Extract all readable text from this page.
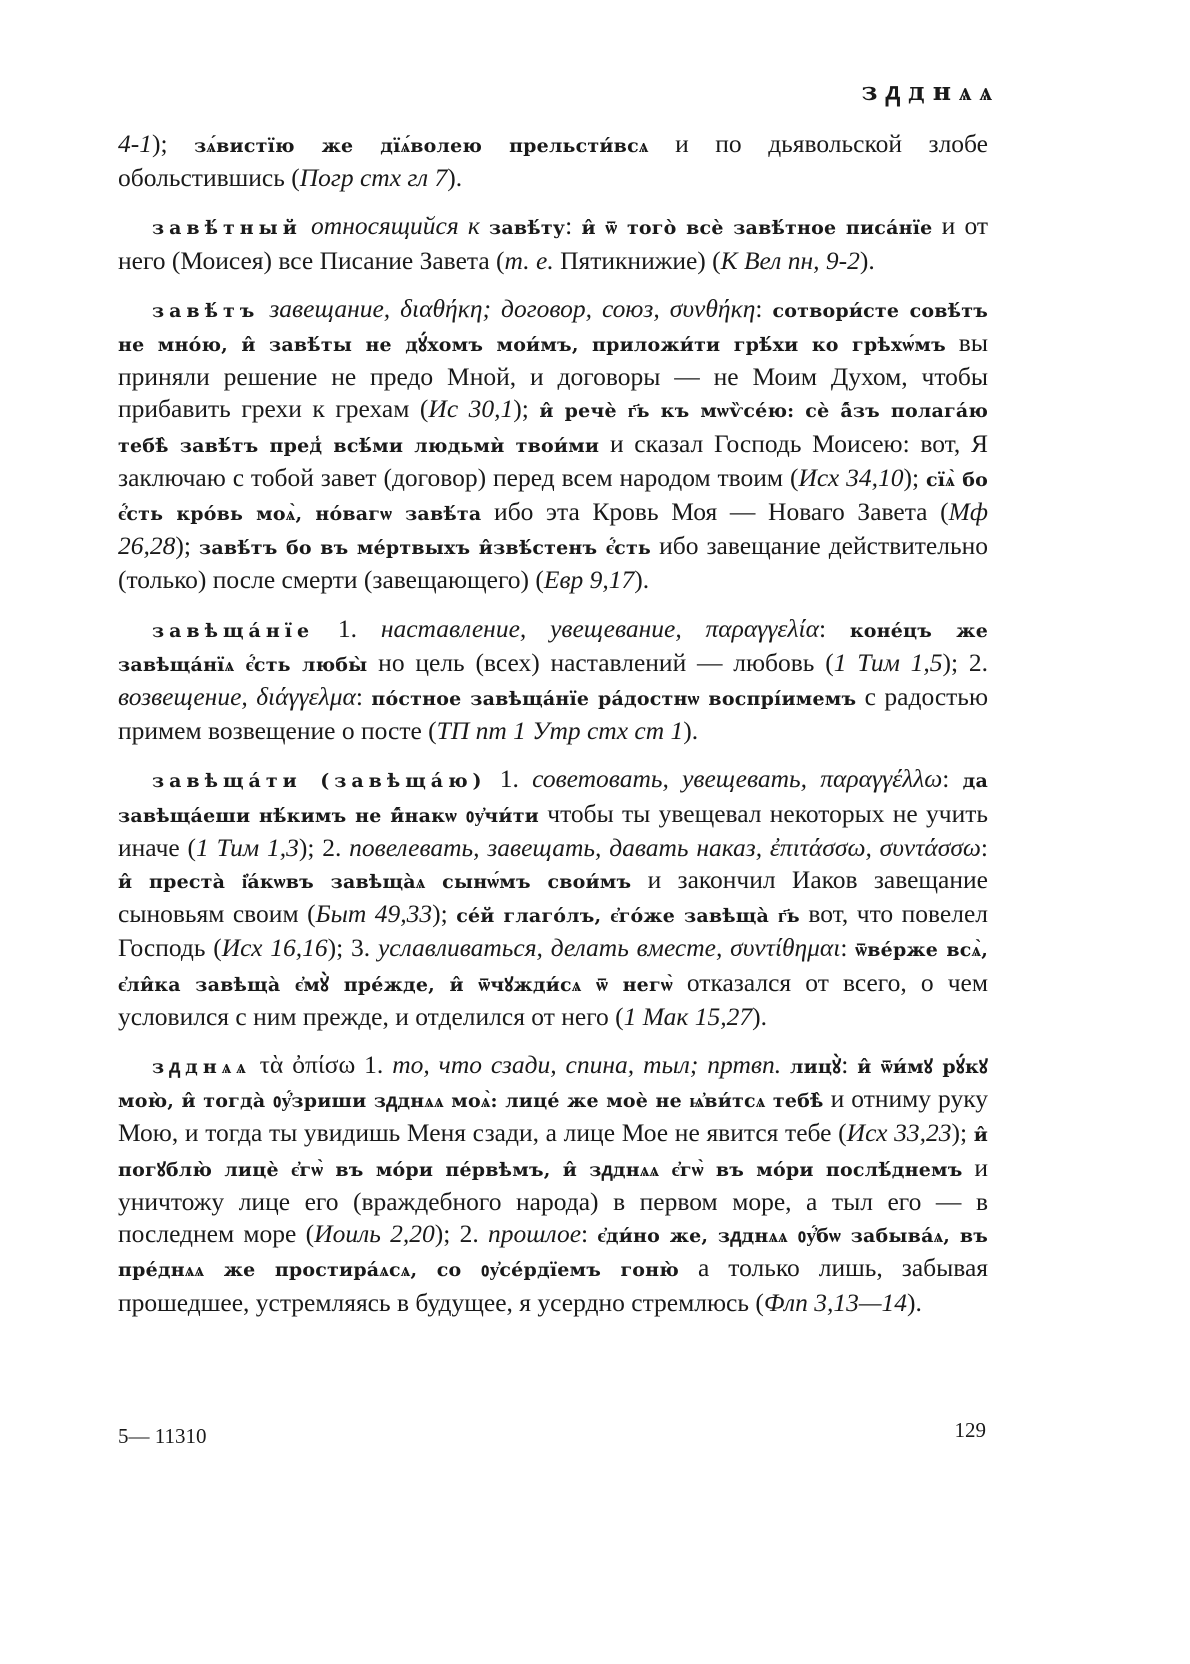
зᲁднѧѧ
4-1); зѧ́вистїю же дїѧ́волею прельсти́всѧ и по дьявольской злобе обольстившись (Погр стх гл 7).
завѣ́тный относящийся к завѣ́ту: и̂ ѿ того̀ всѐ завѣ́тное писа́нїе и от него (Моисея) все Писание Завета (т. е. Пятикнижие) (К Вел пн, 9-2).
завѣ́тъ завещание, διαθήκη; договор, союз, συνθήκη: сотвори́сте совѣ́тъ не мно́ю, и̂ завѣ́ты не дꙋ́хомъ мои́мъ, приложи́ти грѣ́хи ко грѣхѡ́мъ вы приняли решение не предо Мной, и договоры — не Моим Духом, чтобы прибавить грехи к грехам (Ис 30,1); и̂ речѐ г҃ь къ мѡѷсе́ю: сѐ а̂́зъ полага́ю тебѣ̀ завѣ́тъ пред̾ всѣ́ми людьмѝ твои́ми и сказал Господь Моисею: вот, Я заключаю с тобой завет (договор) перед всем народом твоим (Исх 34,10); сїѧ̀ бо є҆́сть кро́вь моѧ̀, но́вагѡ завѣ́та ибо эта Кровь Моя — Новаго Завета (Мф 26,28); завѣ́тъ бо въ ме́ртвыхъ и̂звѣ́стенъ є҆́сть ибо завещание действительно (только) после смерти (завещающего) (Евр 9,17).
завѣща́нїе 1. наставление, увещевание, παραγγελία: коне́цъ же завѣща́нїѧ є҆́сть любы̀ но цель (всех) наставлений — любовь (1 Тим 1,5); 2. возвещение, διάγγελμα: по́стное завѣща́нїе ра́достнѡ воспрі́имемъ с радостью примем возвещение о посте (ТП пт 1 Утр стх ст 1).
завѣща́ти (завѣща́ю) 1. советовать, увещевать, παραγγέλλω: да завѣща́еши нѣ́кимъ не и̂́накѡ ᲂу҆чи́ти чтобы ты увещевал некоторых не учить иначе (1 Тим 1,3); 2. повелевать, завещать, давать наказ, ἐπιτάσσω, συντάσσω: и̂ преста̀ і҆а́кѡвъ завѣща̀ѧ сынѡ́мъ свои́мъ и закончил Иаков завещание сыновьям своим (Быт 49,33); се́й глаго́лъ, є҆го́же завѣща̀ г҃ь вот, что повелел Господь (Исх 16,16); 3. уславливаться, делать вместе, συντίθημαι: ѿве́рже всѧ̀, є҆ли̂ка завѣща̀ є҆мꙋ̀ пре́жде, и̂ ѿчꙋжди́сѧ ѿ негѡ̀ отказался от всего, о чем условился с ним прежде, и отделился от него (1 Мак 15,27).
зᲁднѧѧ τὰ ὀπίσω 1. то, что сзади, спина, тыл; пртвп. лицꙋ̀: и̂ ѿи́мꙋ рꙋ́кꙋ мою̀, и̂ тогда̀ ᲂу҆́зриши зᲁднѧѧ моѧ̀: лице́ же моѐ не ѩ҆ви́тсѧ тебѣ̀ и отниму руку Мою, и тогда ты увидишь Меня сзади, а лице Мое не явится тебе (Исх 33,23); и̂ погꙋблю̀ лицѐ є҆гѡ̀ въ мо́ри пе́рвѣмъ, и̂ зᲁднѧѧ є҆гѡ̀ въ мо́ри послѣ́днемъ и уничтожу лице его (враждебного народа) в первом море, а тыл его — в последнем море (Иоиль 2,20); 2. прошлое: є҆ди́но же, зᲁднѧѧ ᲂу҆́бѡ забыва́ѧ, въ пре́днѧѧ же простира́ѧсѧ, со ᲂу҆се́рдїемъ гоню̀ а только лишь, забывая прошедшее, устремляясь в будущее, я усердно стремлюсь (Флп 3,13—14).
5— 11310	129
